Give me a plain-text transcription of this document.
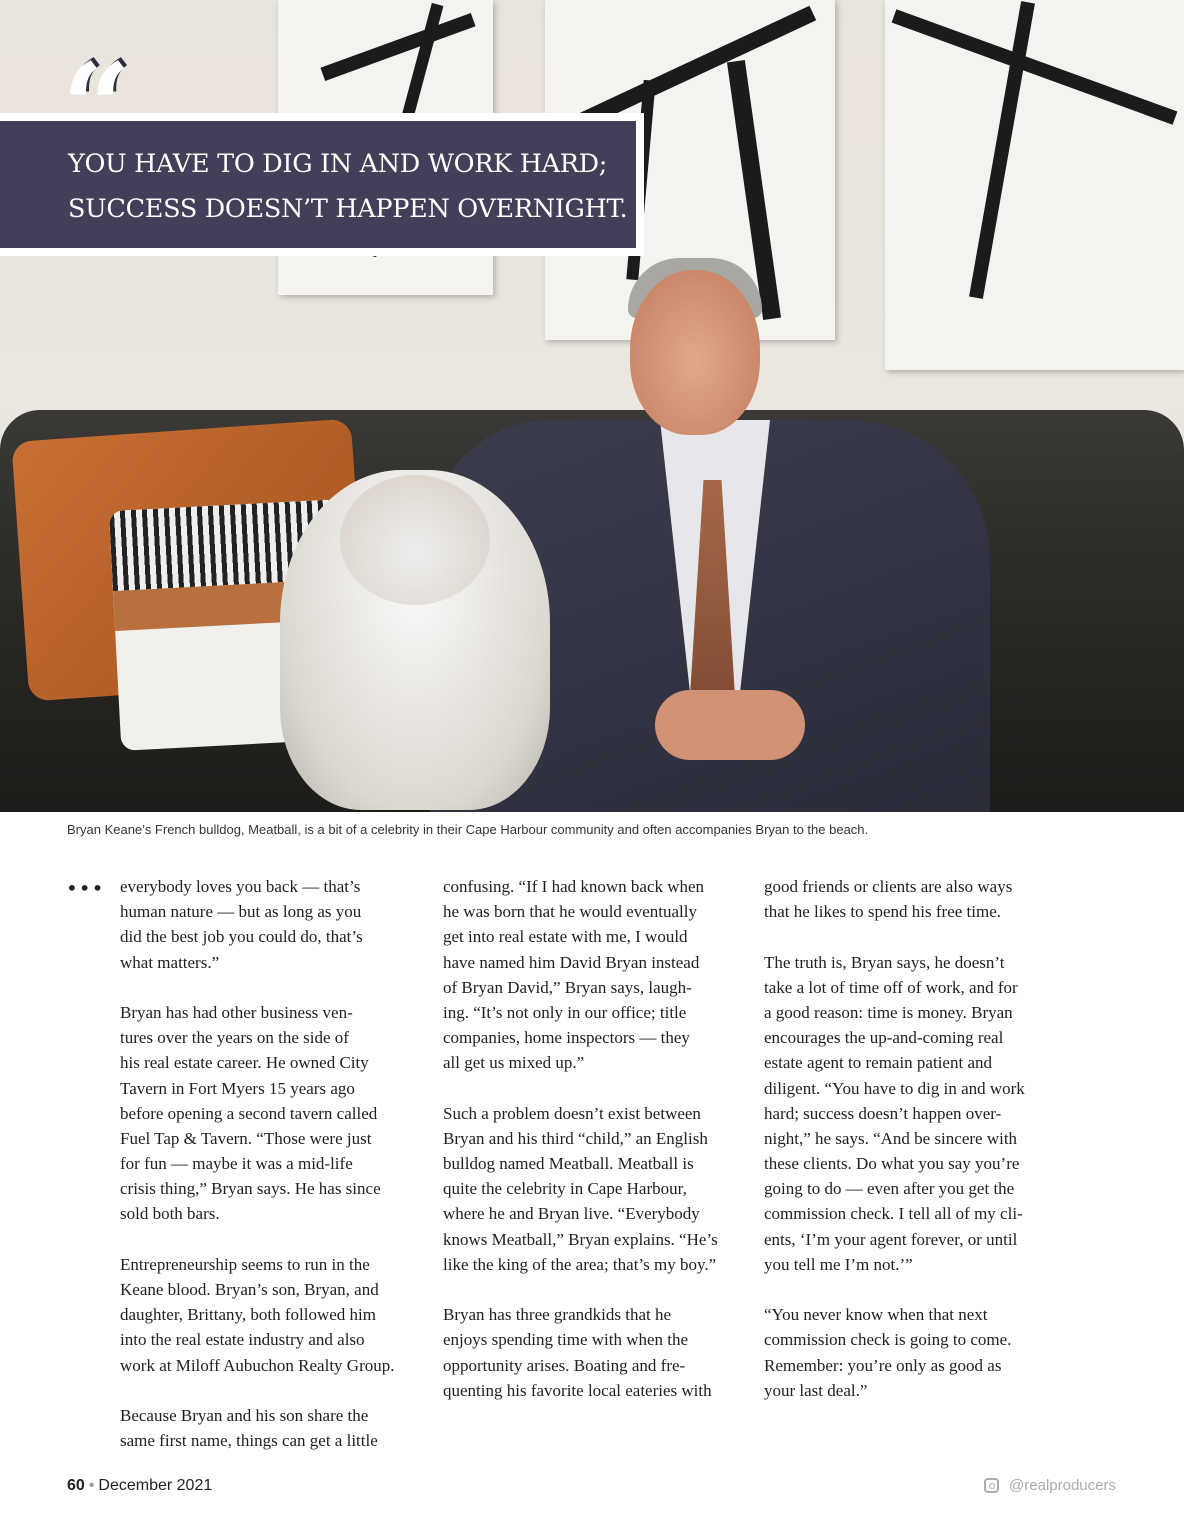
“
YOU HAVE TO DIG IN AND WORK HARD;
SUCCESS DOESN’T HAPPEN OVERNIGHT.
Bryan Keane’s French bulldog, Meatball, is a bit of a celebrity in their Cape Harbour community and often accompanies Bryan to the beach.
••• everybody loves you back — that’s
human nature — but as long as you
did the best job you could do, that’s
what matters.”
Bryan has had other business ven-
tures over the years on the side of
his real estate career. He owned City
Tavern in Fort Myers 15 years ago
before opening a second tavern called
Fuel Tap & Tavern. “Those were just
for fun — maybe it was a mid-life
crisis thing,” Bryan says. He has since
sold both bars.
Entrepreneurship seems to run in the
Keane blood. Bryan’s son, Bryan, and
daughter, Brittany, both followed him
into the real estate industry and also
work at Miloff Aubuchon Realty Group.
Because Bryan and his son share the
same first name, things can get a little
confusing. “If I had known back when
he was born that he would eventually
get into real estate with me, I would
have named him David Bryan instead
of Bryan David,” Bryan says, laugh-
ing. “It’s not only in our office; title
companies, home inspectors — they
all get us mixed up.”
Such a problem doesn’t exist between
Bryan and his third “child,” an English
bulldog named Meatball. Meatball is
quite the celebrity in Cape Harbour,
where he and Bryan live. “Everybody
knows Meatball,” Bryan explains. “He’s
like the king of the area; that’s my boy.”
Bryan has three grandkids that he
enjoys spending time with when the
opportunity arises. Boating and fre-
quenting his favorite local eateries with
good friends or clients are also ways
that he likes to spend his free time.
The truth is, Bryan says, he doesn’t
take a lot of time off of work, and for
a good reason: time is money. Bryan
encourages the up-and-coming real
estate agent to remain patient and
diligent. “You have to dig in and work
hard; success doesn’t happen over-
night,” he says. “And be sincere with
these clients. Do what you say you’re
going to do — even after you get the
commission check. I tell all of my cli-
ents, ‘I’m your agent forever, or until
you tell me I’m not.’”
“You never know when that next
commission check is going to come.
Remember: you’re only as good as
your last deal.”
60 • December 2021	@realproducers
